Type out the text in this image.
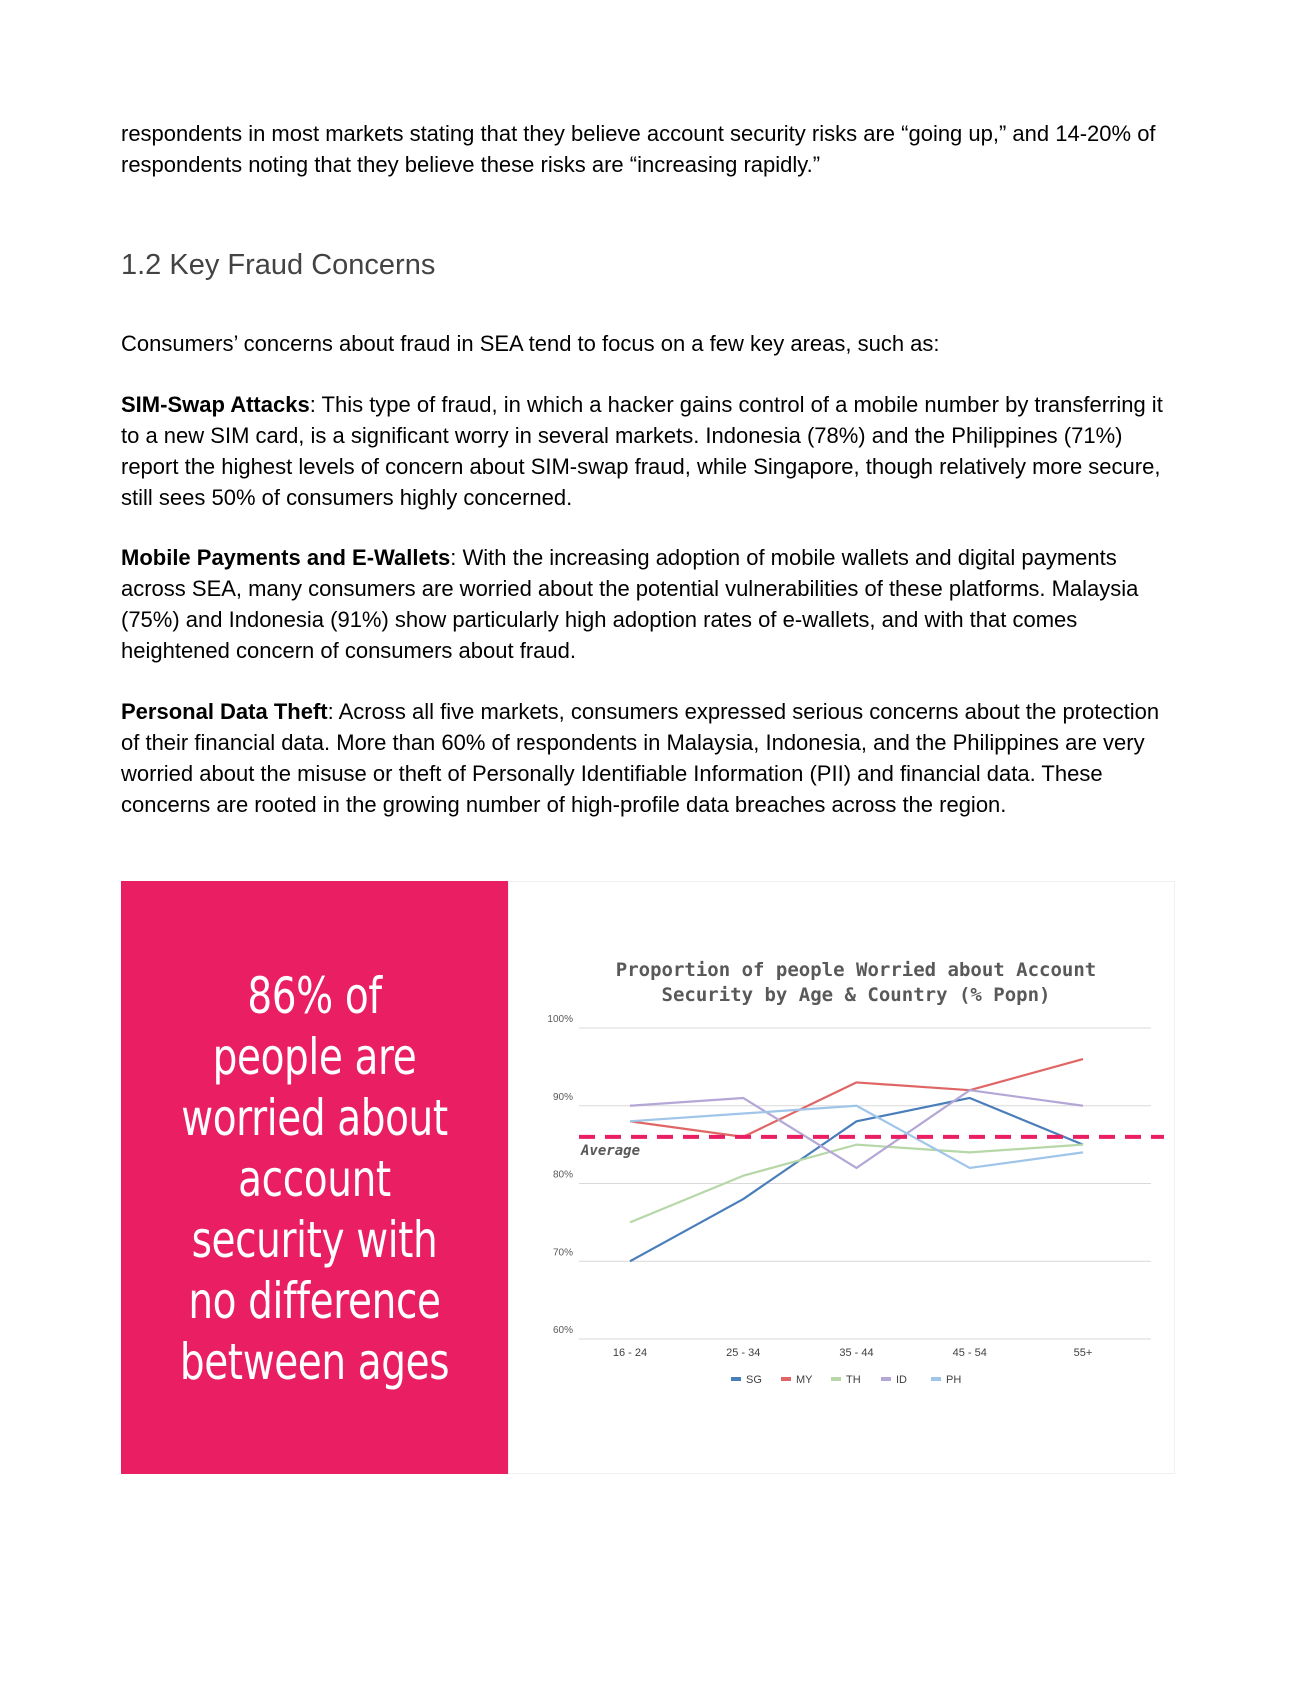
respondents in most markets stating that they believe account security risks are “going up,” and 14-20% of respondents noting that they believe these risks are “increasing rapidly.”

1.2 Key Fraud Concerns

Consumers’ concerns about fraud in SEA tend to focus on a few key areas, such as:

SIM-Swap Attacks: This type of fraud, in which a hacker gains control of a mobile number by transferring it to a new SIM card, is a significant worry in several markets. Indonesia (78%) and the Philippines (71%) report the highest levels of concern about SIM-swap fraud, while Singapore, though relatively more secure, still sees 50% of consumers highly concerned.

Mobile Payments and E-Wallets: With the increasing adoption of mobile wallets and digital payments across SEA, many consumers are worried about the potential vulnerabilities of these platforms. Malaysia (75%) and Indonesia (91%) show particularly high adoption rates of e-wallets, and with that comes heightened concern of consumers about fraud.

Personal Data Theft: Across all five markets, consumers expressed serious concerns about the protection of their financial data. More than 60% of respondents in Malaysia, Indonesia, and the Philippines are very worried about the misuse or theft of Personally Identifiable Information (PII) and financial data. These concerns are rooted in the growing number of high-profile data breaches across the region.

86% of
people are
worried about
account
security with
no difference
between ages
Proportion of people Worried about Account
Security by Age & Country (% Popn)
60%
70%
80%
90%
100%
16 - 24	25 - 34	35 - 44	45 - 54	55+
Average
SG	MY	TH	ID	PH
